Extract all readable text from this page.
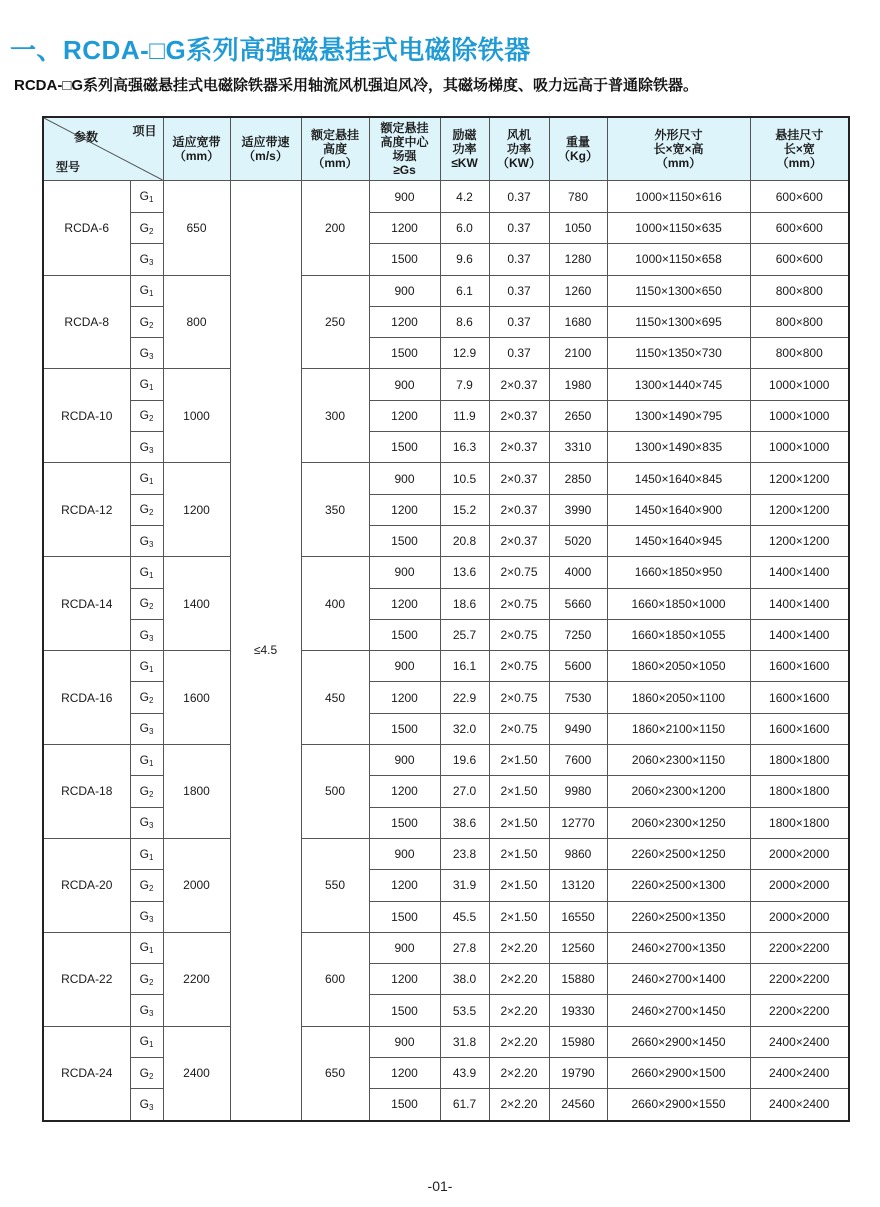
一、RCDA-□G系列高强磁悬挂式电磁除铁器
RCDA-□G系列高强磁悬挂式电磁除铁器采用轴流风机强迫风冷，其磁场梯度、吸力远高于普通除铁器。
项目
参数
型号		适应宽带
（mm）	适应带速
（m/s）	额定悬挂
高度
（mm）	额定悬挂
高度中心
场强
≥Gs	励磁
功率
≤KW	风机
功率
（KW）	重量
（Kg）	外形尺寸
长×宽×高
（mm）	悬挂尺寸
长×宽
（mm）
RCDA-6	$G_1$	650	≤4.5	200	900	4.2	0.37	780	1000×1150×616	600×600
	$G_2$				1200	6.0	0.37	1050	1000×1150×635	600×600
	$G_3$				1500	9.6	0.37	1280	1000×1150×658	600×600
RCDA-8	$G_1$	800		250	900	6.1	0.37	1260	1150×1300×650	800×800
	$G_2$				1200	8.6	0.37	1680	1150×1300×695	800×800
	$G_3$				1500	12.9	0.37	2100	1150×1350×730	800×800
RCDA-10	$G_1$	1000		300	900	7.9	2×0.37	1980	1300×1440×745	1000×1000
	$G_2$				1200	11.9	2×0.37	2650	1300×1490×795	1000×1000
	$G_3$				1500	16.3	2×0.37	3310	1300×1490×835	1000×1000
RCDA-12	$G_1$	1200		350	900	10.5	2×0.37	2850	1450×1640×845	1200×1200
	$G_2$				1200	15.2	2×0.37	3990	1450×1640×900	1200×1200
	$G_3$				1500	20.8	2×0.37	5020	1450×1640×945	1200×1200
RCDA-14	$G_1$	1400		400	900	13.6	2×0.75	4000	1660×1850×950	1400×1400
	$G_2$				1200	18.6	2×0.75	5660	1660×1850×1000	1400×1400
	$G_3$				1500	25.7	2×0.75	7250	1660×1850×1055	1400×1400
RCDA-16	$G_1$	1600		450	900	16.1	2×0.75	5600	1860×2050×1050	1600×1600
	$G_2$				1200	22.9	2×0.75	7530	1860×2050×1100	1600×1600
	$G_3$				1500	32.0	2×0.75	9490	1860×2100×1150	1600×1600
RCDA-18	$G_1$	1800		500	900	19.6	2×1.50	7600	2060×2300×1150	1800×1800
	$G_2$				1200	27.0	2×1.50	9980	2060×2300×1200	1800×1800
	$G_3$				1500	38.6	2×1.50	12770	2060×2300×1250	1800×1800
RCDA-20	$G_1$	2000		550	900	23.8	2×1.50	9860	2260×2500×1250	2000×2000
	$G_2$				1200	31.9	2×1.50	13120	2260×2500×1300	2000×2000
	$G_3$				1500	45.5	2×1.50	16550	2260×2500×1350	2000×2000
RCDA-22	$G_1$	2200		600	900	27.8	2×2.20	12560	2460×2700×1350	2200×2200
	$G_2$				1200	38.0	2×2.20	15880	2460×2700×1400	2200×2200
	$G_3$				1500	53.5	2×2.20	19330	2460×2700×1450	2200×2200
RCDA-24	$G_1$	2400		650	900	31.8	2×2.20	15980	2660×2900×1450	2400×2400
	$G_2$				1200	43.9	2×2.20	19790	2660×2900×1500	2400×2400
	$G_3$				1500	61.7	2×2.20	24560	2660×2900×1550	2400×2400
-01-
